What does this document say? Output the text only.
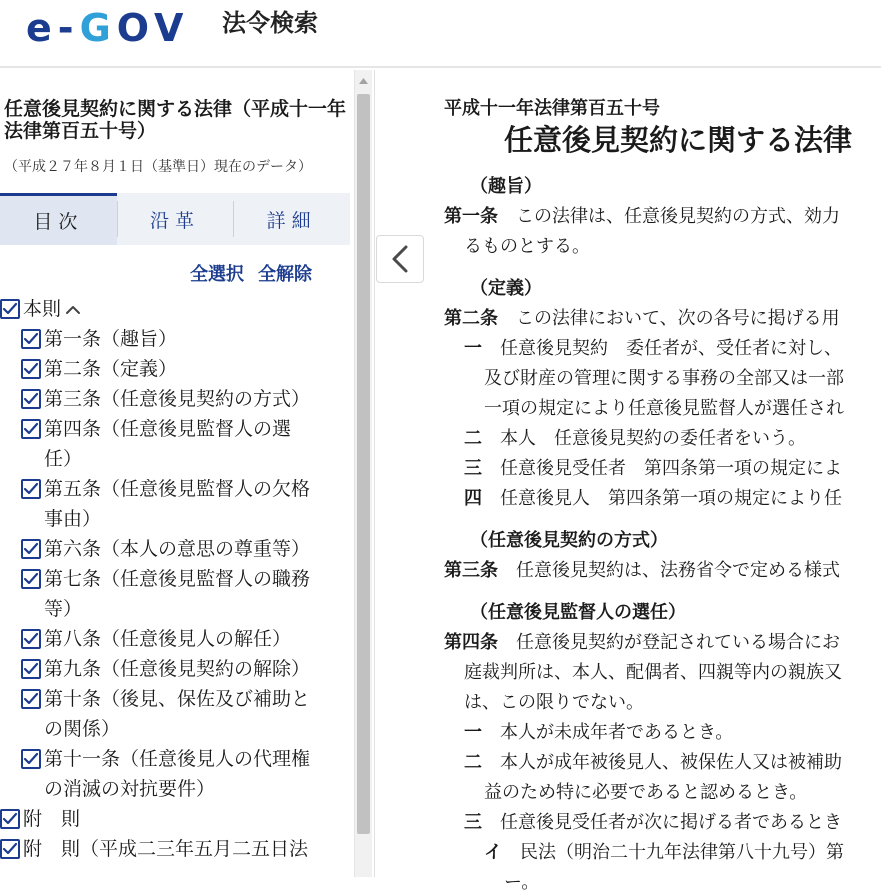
e-GOV 法令検索
任意後見契約に関する法律（平成十一年法律第百五十号）
（平成２７年８月１日（基準日）現在のデータ）
目次	沿革	詳細
全選択 全解除
本則
第一条（趣旨）
第二条（定義）
第三条（任意後見契約の方式）
第四条（任意後見監督人の選
任）
第五条（任意後見監督人の欠格
事由）
第六条（本人の意思の尊重等）
第七条（任意後見監督人の職務
等）
第八条（任意後見人の解任）
第九条（任意後見契約の解除）
第十条（後見、保佐及び補助と
の関係）
第十一条（任意後見人の代理権
の消滅の対抗要件）
附　則
附　則（平成二三年五月二五日法
平成十一年法律第百五十号
任意後見契約に関する法律
（趣旨）
第一条　この法律は、任意後見契約の方式、効力
るものとする。
（定義）
第二条　この法律において、次の各号に掲げる用
一　任意後見契約　委任者が、受任者に対し、
及び財産の管理に関する事務の全部又は一部
一項の規定により任意後見監督人が選任され
二　本人　任意後見契約の委任者をいう。
三　任意後見受任者　第四条第一項の規定によ
四　任意後見人　第四条第一項の規定により任
（任意後見契約の方式）
第三条　任意後見契約は、法務省令で定める様式
（任意後見監督人の選任）
第四条　任意後見契約が登記されている場合にお
庭裁判所は、本人、配偶者、四親等内の親族又
は、この限りでない。
一　本人が未成年者であるとき。
二　本人が成年被後見人、被保佐人又は被補助
益のため特に必要であると認めるとき。
三　任意後見受任者が次に掲げる者であるとき
イ　民法（明治二十九年法律第八十九号）第
ー。
